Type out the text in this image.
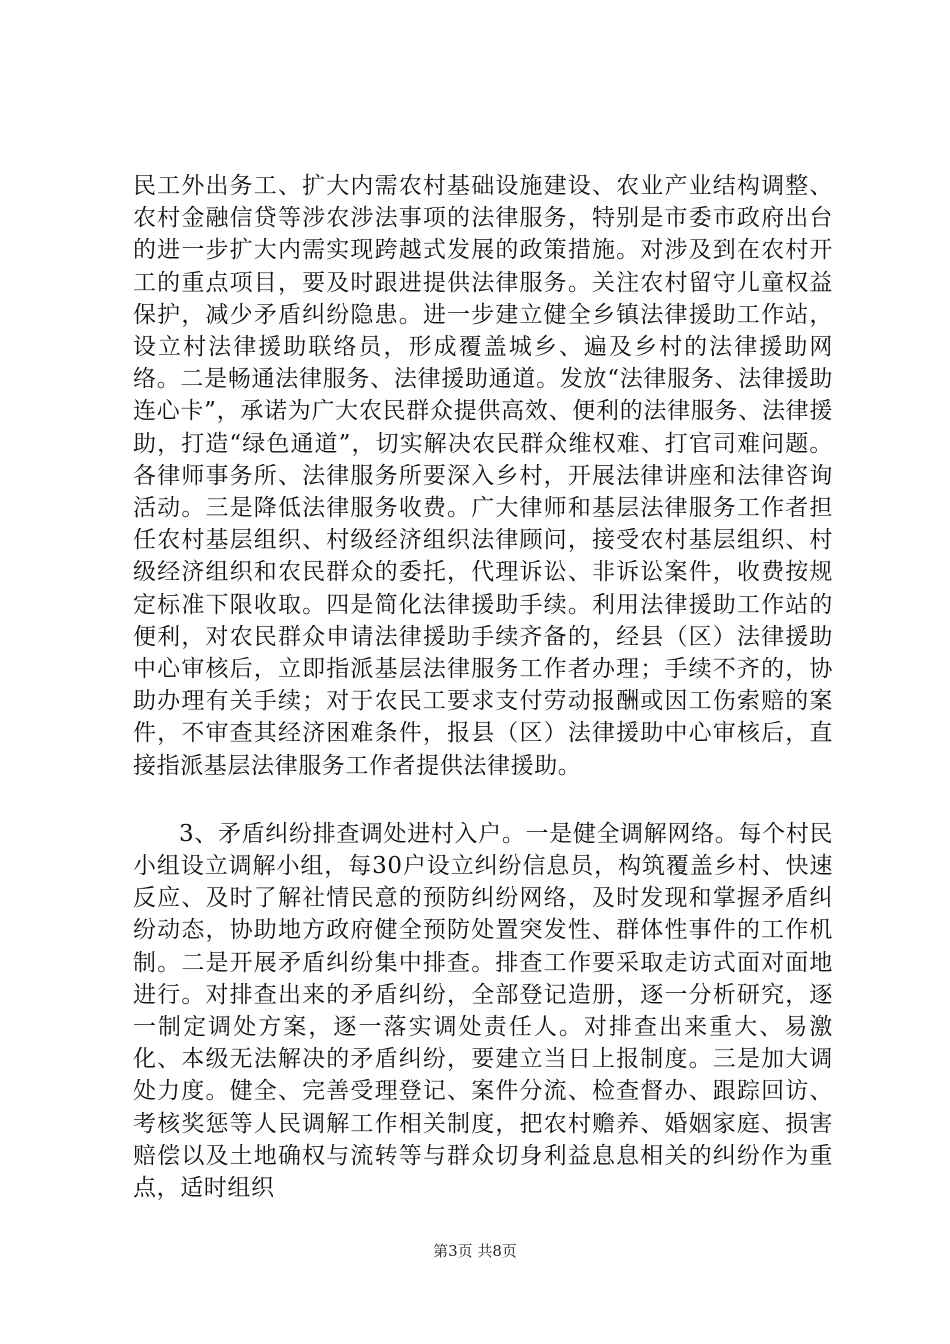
民工外出务工、扩大内需农村基础设施建设、农业产业结构调整、农村金融信贷等涉农涉法事项的法律服务，特别是市委市政府出台的进一步扩大内需实现跨越式发展的政策措施。对涉及到在农村开工的重点项目，要及时跟进提供法律服务。关注农村留守儿童权益保护，减少矛盾纠纷隐患。进一步建立健全乡镇法律援助工作站，设立村法律援助联络员，形成覆盖城乡、遍及乡村的法律援助网络。二是畅通法律服务、法律援助通道。发放“法律服务、法律援助连心卡”，承诺为广大农民群众提供高效、便利的法律服务、法律援助，打造“绿色通道”，切实解决农民群众维权难、打官司难问题。各律师事务所、法律服务所要深入乡村，开展法律讲座和法律咨询活动。三是降低法律服务收费。广大律师和基层法律服务工作者担任农村基层组织、村级经济组织法律顾问，接受农村基层组织、村级经济组织和农民群众的委托，代理诉讼、非诉讼案件，收费按规定标准下限收取。四是简化法律援助手续。利用法律援助工作站的便利，对农民群众申请法律援助手续齐备的，经县（区）法律援助中心审核后，立即指派基层法律服务工作者办理；手续不齐的，协助办理有关手续；对于农民工要求支付劳动报酬或因工伤索赔的案件，不审查其经济困难条件，报县（区）法律援助中心审核后，直接指派基层法律服务工作者提供法律援助。

3、矛盾纠纷排查调处进村入户。一是健全调解网络。每个村民小组设立调解小组，每30户设立纠纷信息员，构筑覆盖乡村、快速反应、及时了解社情民意的预防纠纷网络，及时发现和掌握矛盾纠纷动态，协助地方政府健全预防处置突发性、群体性事件的工作机制。二是开展矛盾纠纷集中排查。排查工作要采取走访式面对面地进行。对排查出来的矛盾纠纷，全部登记造册，逐一分析研究，逐一制定调处方案，逐一落实调处责任人。对排查出来重大、易激化、本级无法解决的矛盾纠纷，要建立当日上报制度。三是加大调处力度。健全、完善受理登记、案件分流、检查督办、跟踪回访、考核奖惩等人民调解工作相关制度，把农村赡养、婚姻家庭、损害赔偿以及土地确权与流转等与群众切身利益息息相关的纠纷作为重点，适时组织

第3页 共8页
